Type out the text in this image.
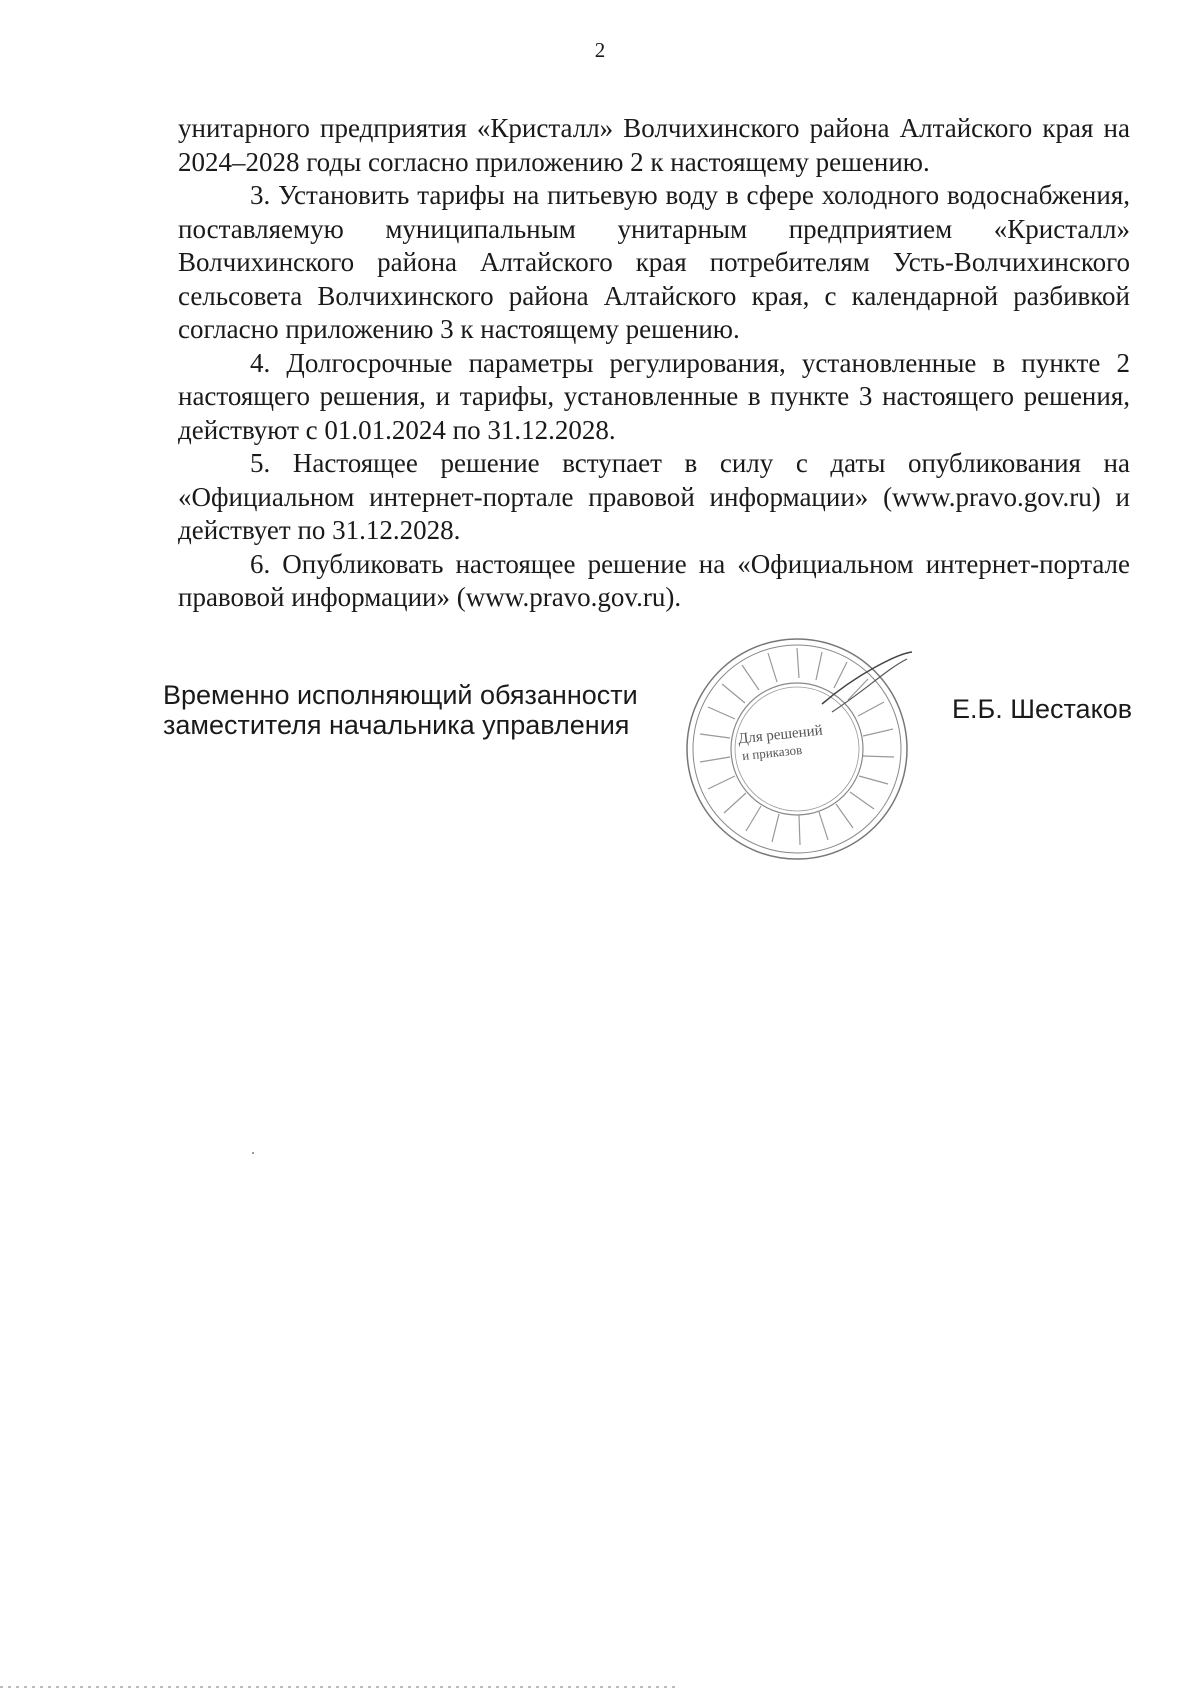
2

унитарного предприятия «Кристалл» Волчихинского района Алтайского края на 2024–2028 годы согласно приложению 2 к настоящему решению.

3. Установить тарифы на питьевую воду в сфере холодного водоснабжения, поставляемую муниципальным унитарным предприятием «Кристалл» Волчихинского района Алтайского края потребителям Усть-Волчихинского сельсовета Волчихинского района Алтайского края, с календарной разбивкой согласно приложению 3 к настоящему решению.

4. Долгосрочные параметры регулирования, установленные в пункте 2 настоящего решения, и тарифы, установленные в пункте 3 настоящего решения, действуют с 01.01.2024 по 31.12.2028.

5. Настоящее решение вступает в силу с даты опубликования на «Официальном интернет-портале правовой информации» (www.pravo.gov.ru) и действует по 31.12.2028.

6. Опубликовать настоящее решение на «Официальном интернет-портале правовой информации» (www.pravo.gov.ru).

Временно исполняющий обязанности
заместителя начальника управления	Для решений
и приказов
Е.Б. Шестаков
